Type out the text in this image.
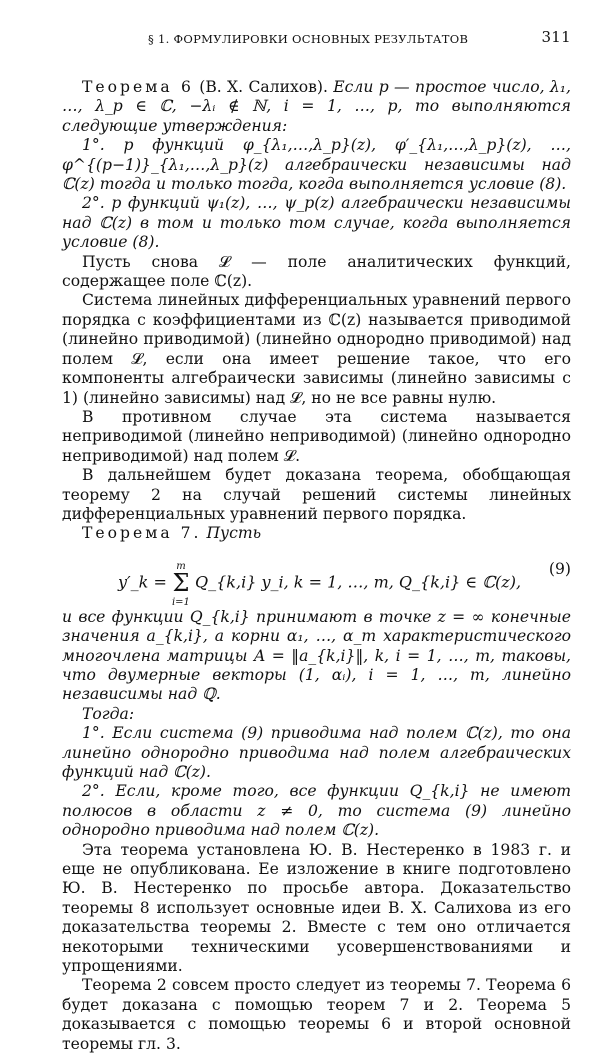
§ 1. ФОРМУЛИРОВКИ ОСНОВНЫХ РЕЗУЛЬТАТОВ	311

Теорема 6 (В. Х. Салихов). Если p — простое число, λ₁, …, λ_p ∈ ℂ, −λᵢ ∉ ℕ, i = 1, …, p, то выполняются следующие утверждения:

1°. p функций φ_{λ₁,…,λ_p}(z), φ′_{λ₁,…,λ_p}(z), …, φ^{(p−1)}_{λ₁,…,λ_p}(z) алгебраически независимы над ℂ(z) тогда и только тогда, когда выполняется условие (8).

2°. p функций ψ₁(z), …, ψ_p(z) алгебраически независимы над ℂ(z) в том и только том случае, когда выполняется условие (8).

Пусть снова 𝓛 — поле аналитических функций, содержащее поле ℂ(z).

Система линейных дифференциальных уравнений первого порядка с коэффициентами из ℂ(z) называется приводимой (линейно приводимой) (линейно однородно приводимой) над полем 𝓛, если она имеет решение такое, что его компоненты алгебраически зависимы (линейно зависимы с 1) (линейно зависимы) над 𝓛, но не все равны нулю.

В противном случае эта система называется неприводимой (линейно неприводимой) (линейно однородно неприводимой) над полем 𝓛.

В дальнейшем будет доказана теорема, обобщающая теорему 2 на случай решений системы линейных дифференциальных уравнений первого порядка.

Теорема 7. Пусть

y′_k = m
Σ
i=1 Q_{k,i} y_i, k = 1, …, m, Q_{k,i} ∈ ℂ(z),
(9)

и все функции Q_{k,i} принимают в точке z = ∞ конечные значения a_{k,i}, а корни α₁, …, α_m характеристического многочлена матрицы A = ‖a_{k,i}‖, k, i = 1, …, m, таковы, что двумерные векторы (1, αᵢ), i = 1, …, m, линейно независимы над ℚ.

Тогда:

1°. Если система (9) приводима над полем ℂ(z), то она линейно однородно приводима над полем алгебраических функций над ℂ(z).

2°. Если, кроме того, все функции Q_{k,i} не имеют полюсов в области z ≠ 0, то система (9) линейно однородно приводима над полем ℂ(z).

Эта теорема установлена Ю. В. Нестеренко в 1983 г. и еще не опубликована. Ее изложение в книге подготовлено Ю. В. Нестеренко по просьбе автора. Доказательство теоремы 8 использует основные идеи В. Х. Салихова из его доказательства теоремы 2. Вместе с тем оно отличается некоторыми техническими усовершенствованиями и упрощениями.

Теорема 2 совсем просто следует из теоремы 7. Теорема 6 будет доказана с помощью теорем 7 и 2. Теорема 5 доказывается с помощью теоремы 6 и второй основной теоремы гл. 3.
